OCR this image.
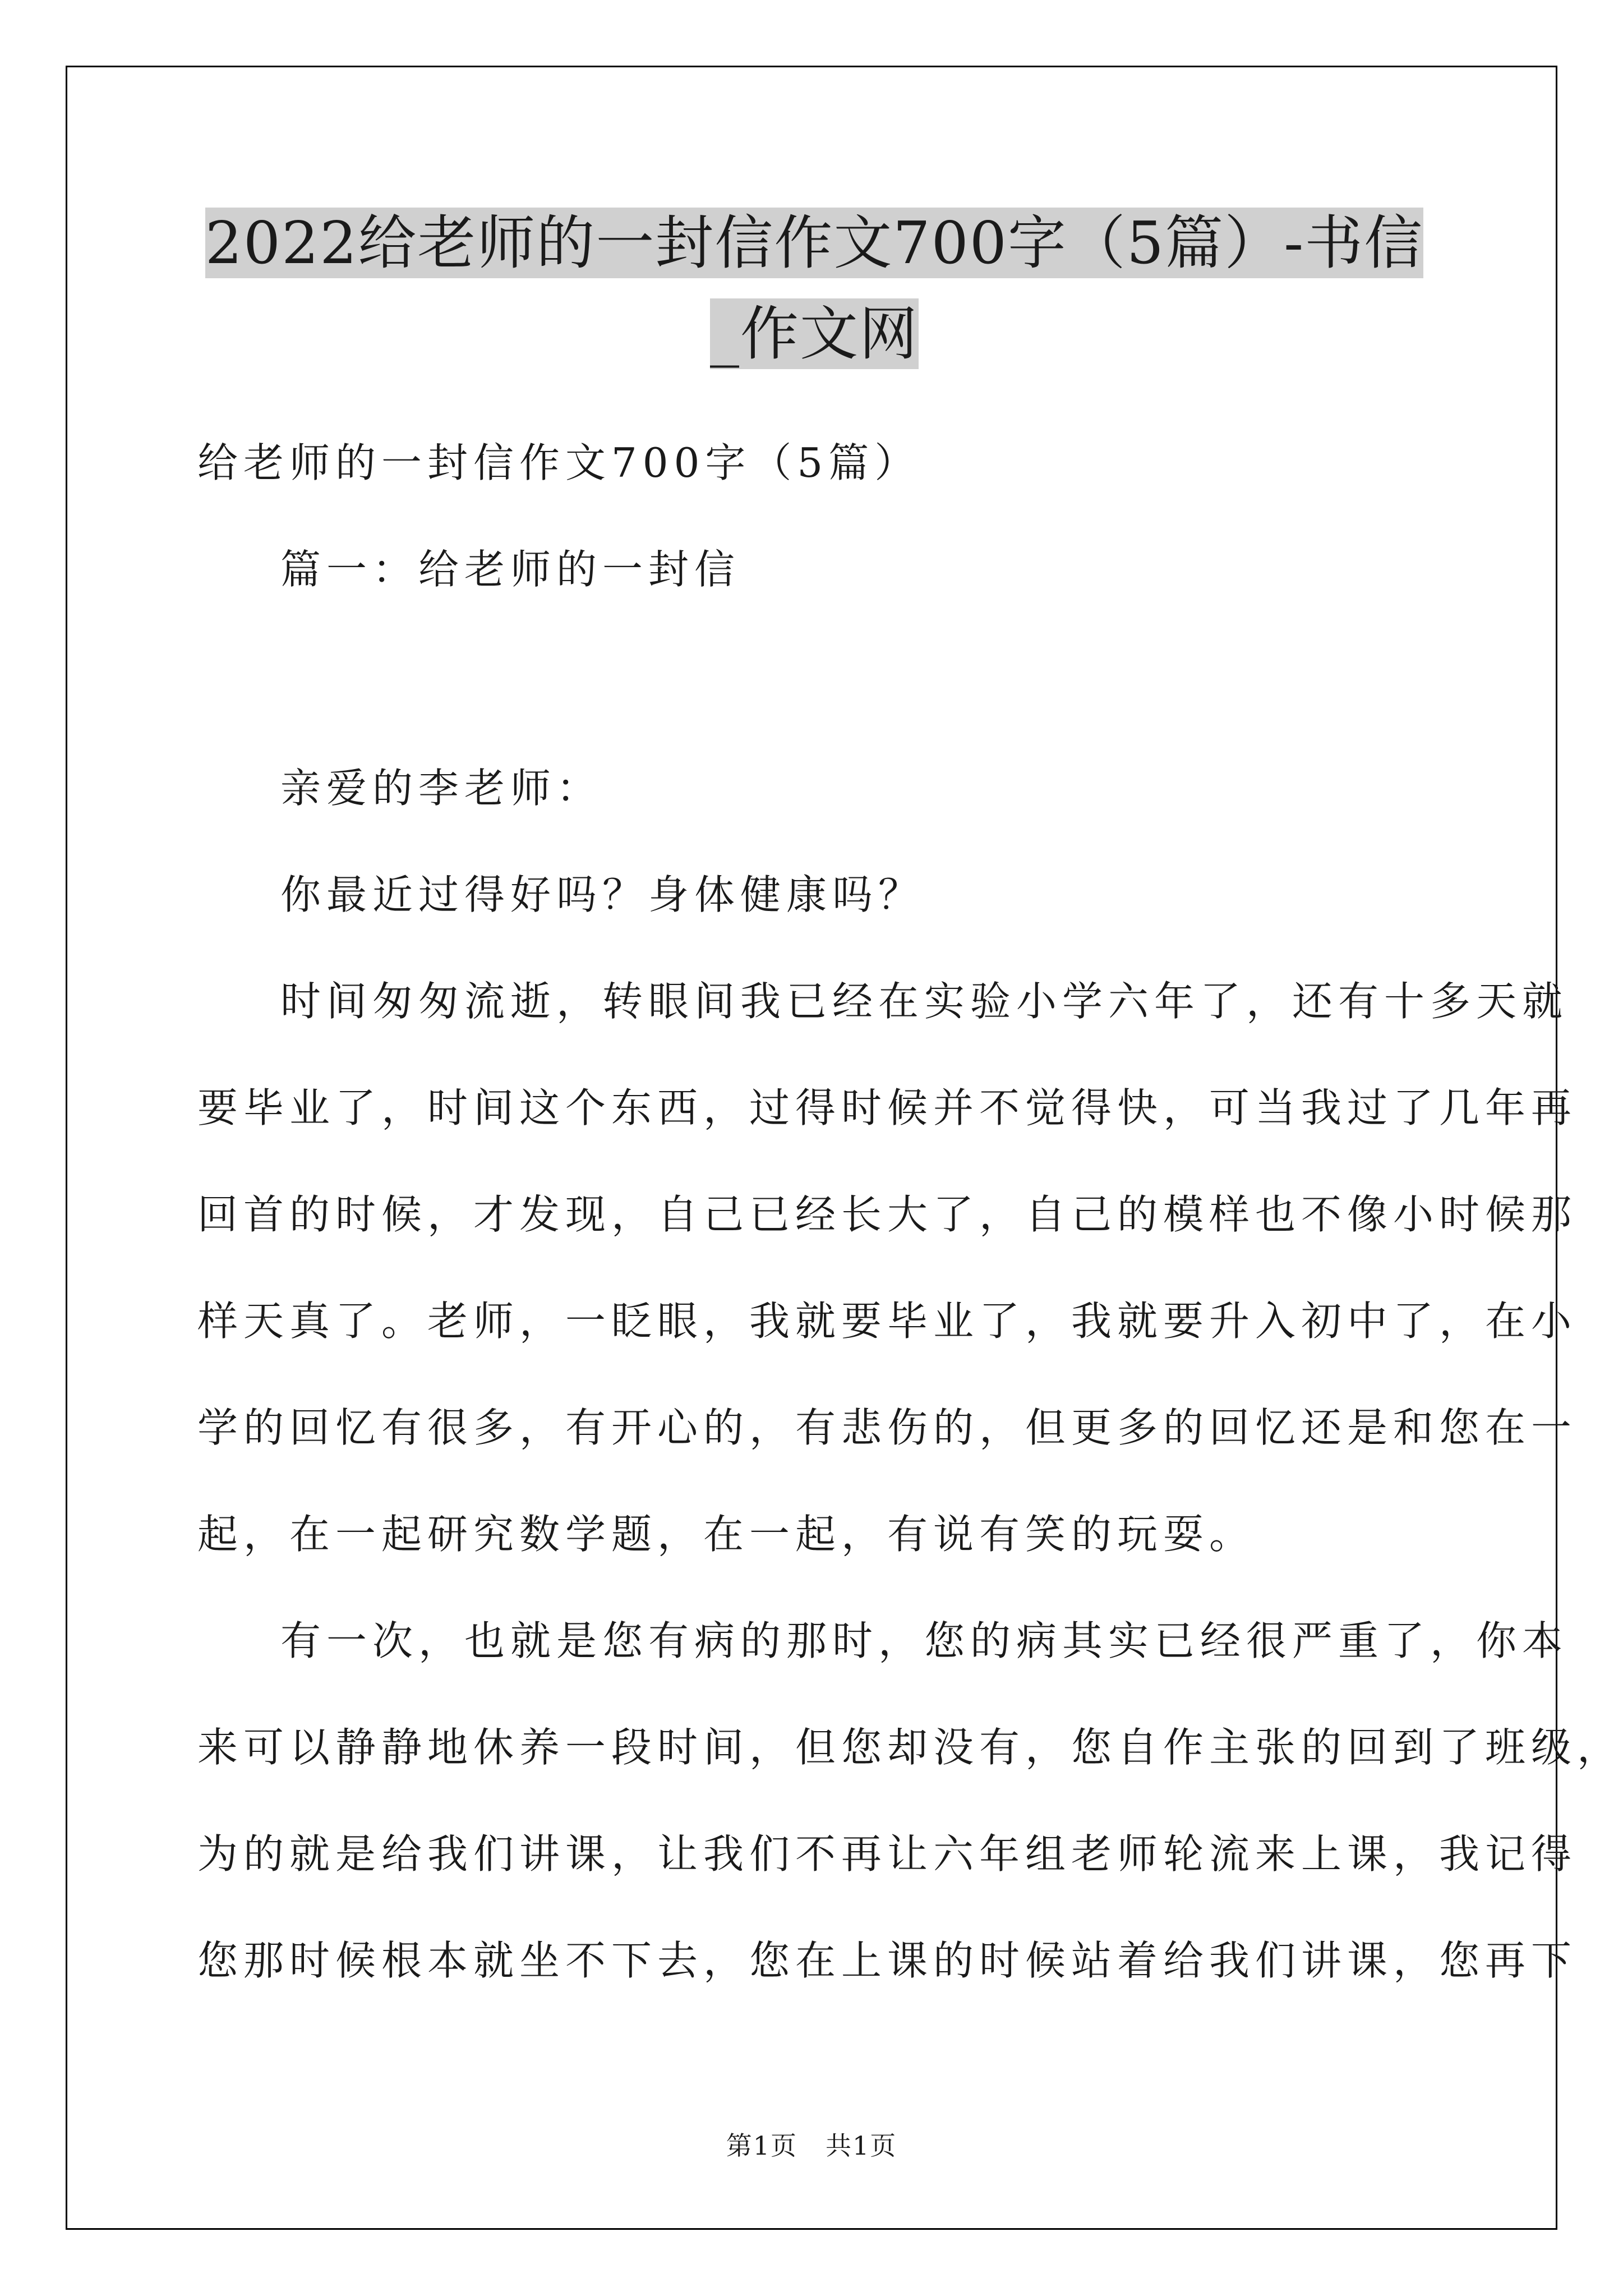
2022给老师的一封信作文700字（5篇）-书信
_作文网
给老师的一封信作文700字（5篇）
篇一：给老师的一封信
亲爱的李老师：
你最近过得好吗？身体健康吗？
时间匆匆流逝，转眼间我已经在实验小学六年了，还有十多天就
要毕业了，时间这个东西，过得时候并不觉得快，可当我过了几年再
回首的时候，才发现，自己已经长大了，自己的模样也不像小时候那
样天真了。老师，一眨眼，我就要毕业了，我就要升入初中了，在小
学的回忆有很多，有开心的，有悲伤的，但更多的回忆还是和您在一
起，在一起研究数学题，在一起，有说有笑的玩耍。
有一次，也就是您有病的那时，您的病其实已经很严重了，你本
来可以静静地休养一段时间，但您却没有，您自作主张的回到了班级，
为的就是给我们讲课，让我们不再让六年组老师轮流来上课，我记得
您那时候根本就坐不下去，您在上课的时候站着给我们讲课，您再下
第1页 共1页
